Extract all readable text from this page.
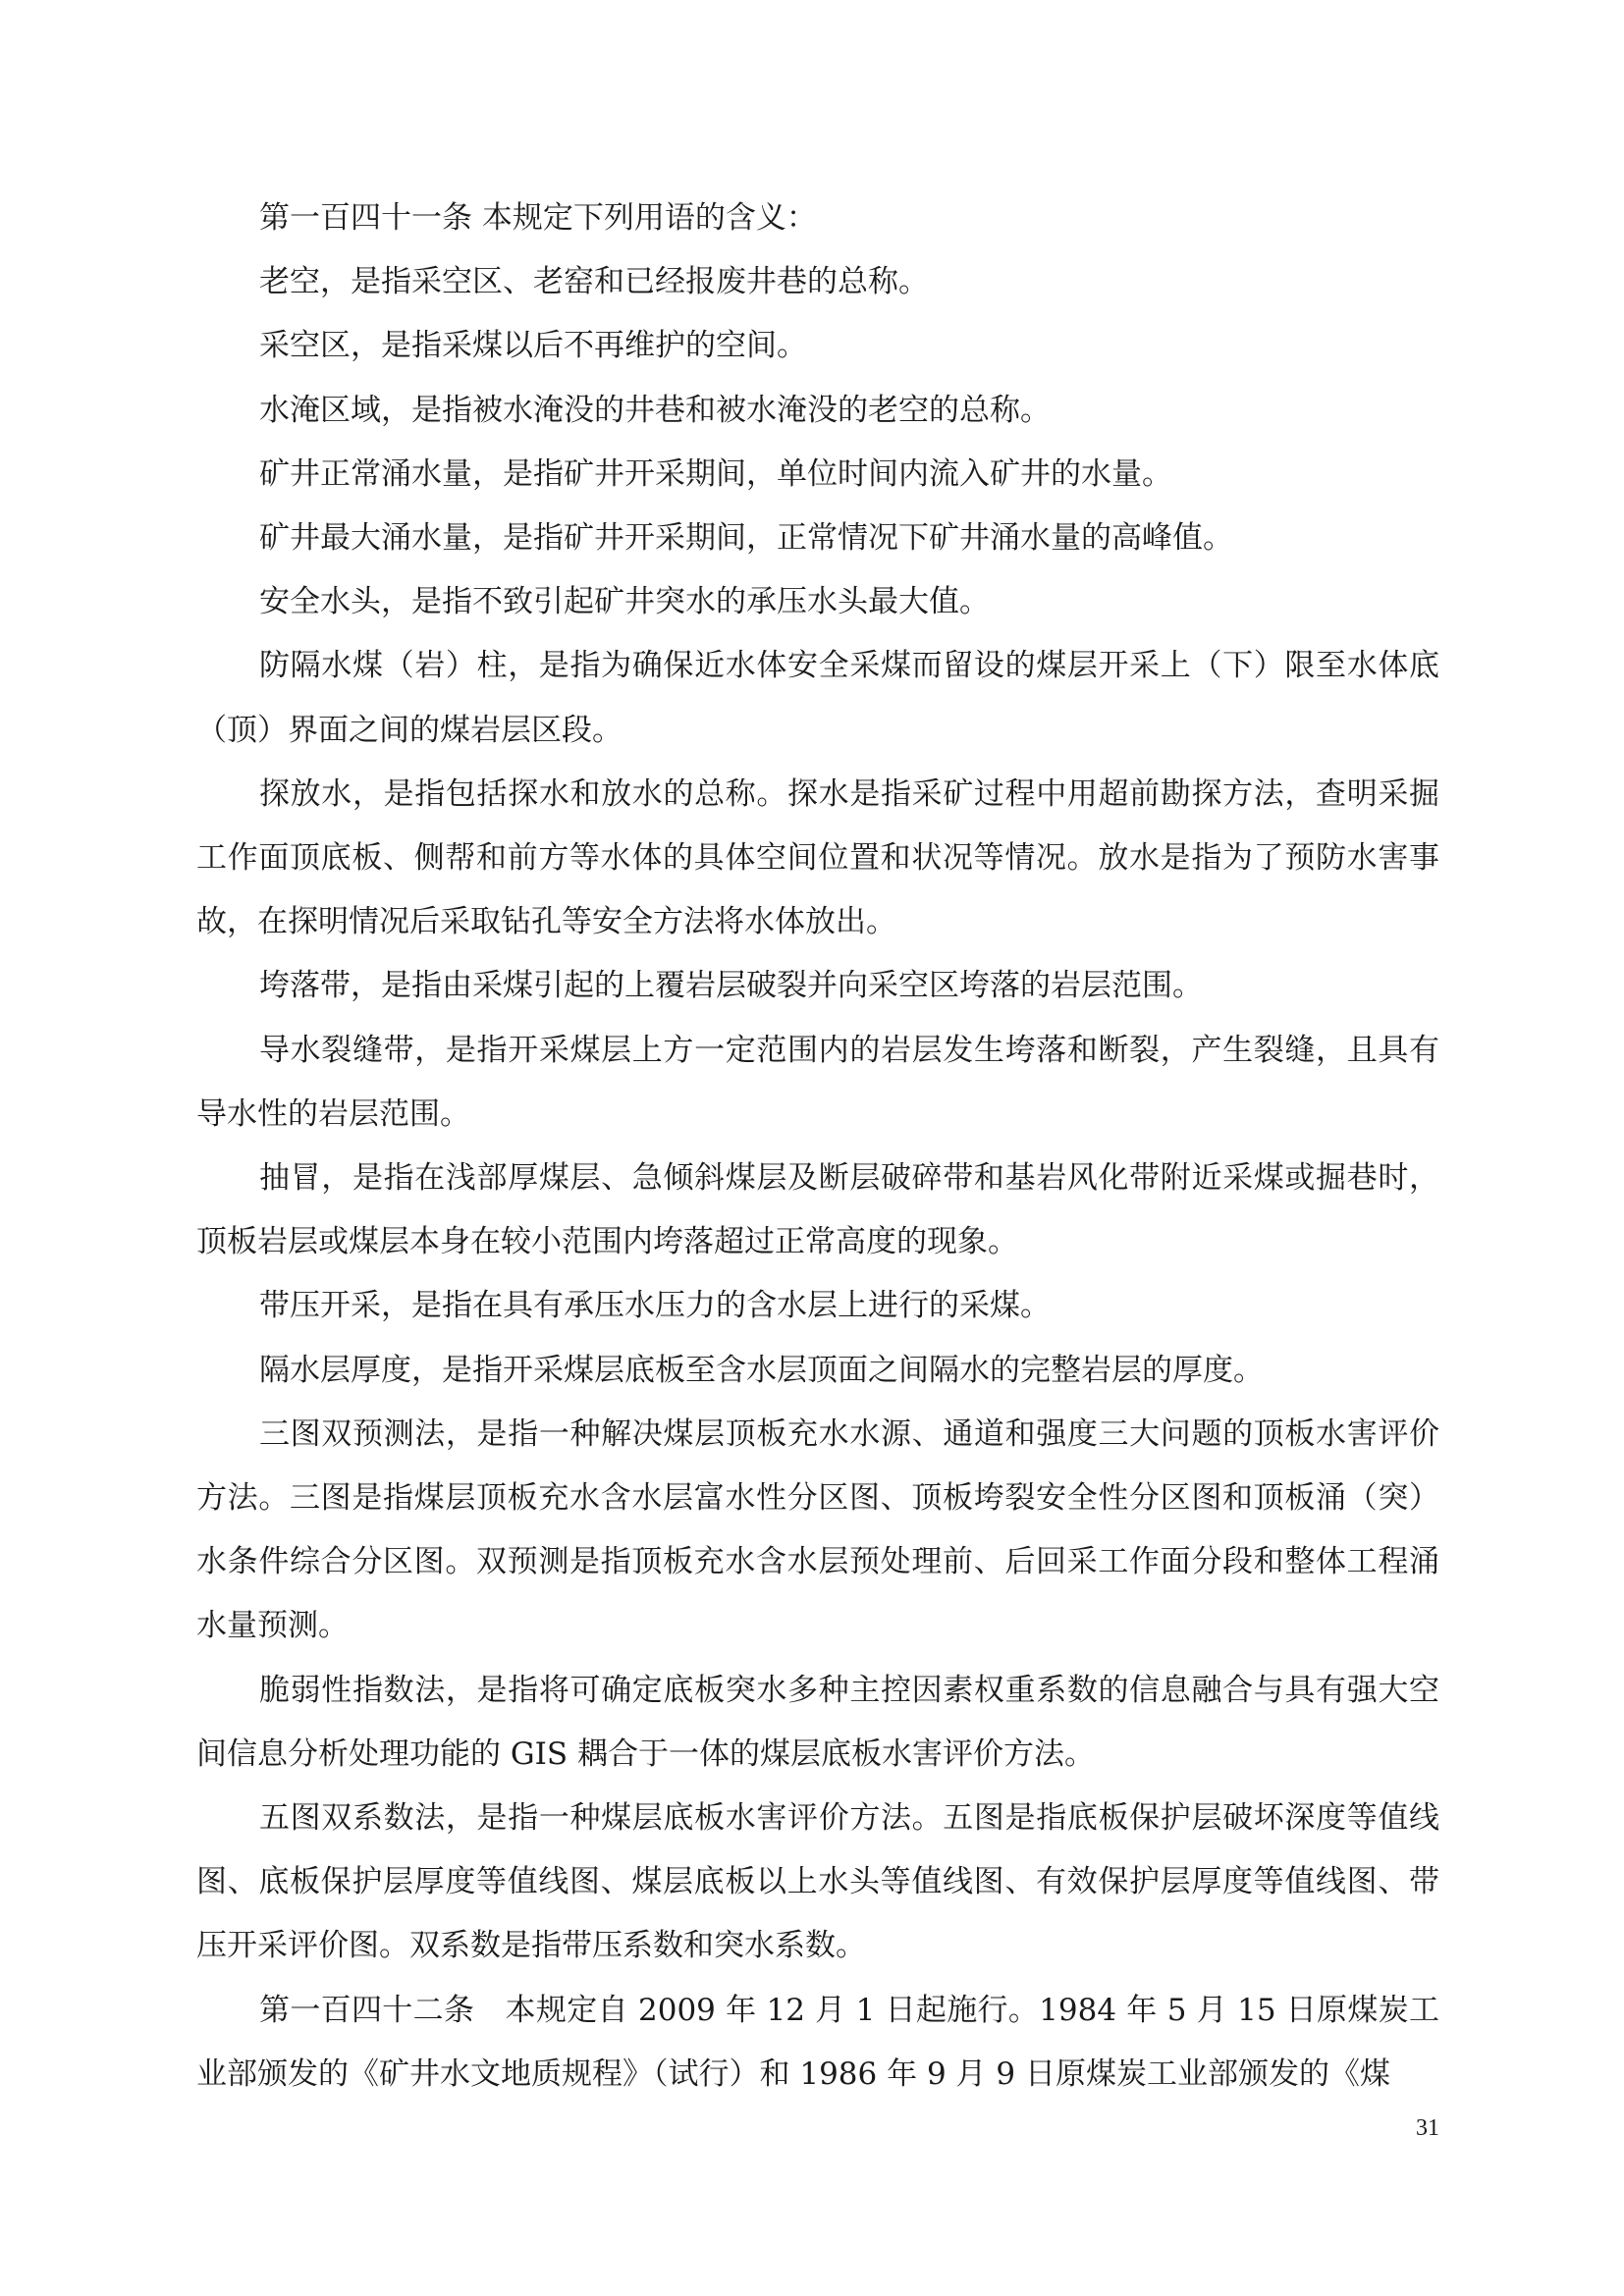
第一百四十一条 本规定下列用语的含义：

老空，是指采空区、老窑和已经报废井巷的总称。

采空区，是指采煤以后不再维护的空间。

水淹区域，是指被水淹没的井巷和被水淹没的老空的总称。

矿井正常涌水量，是指矿井开采期间，单位时间内流入矿井的水量。

矿井最大涌水量，是指矿井开采期间，正常情况下矿井涌水量的高峰值。

安全水头，是指不致引起矿井突水的承压水头最大值。

防隔水煤（岩）柱，是指为确保近水体安全采煤而留设的煤层开采上（下）限至水体底（顶）界面之间的煤岩层区段。

探放水，是指包括探水和放水的总称。探水是指采矿过程中用超前勘探方法，查明采掘工作面顶底板、侧帮和前方等水体的具体空间位置和状况等情况。放水是指为了预防水害事故，在探明情况后采取钻孔等安全方法将水体放出。

垮落带，是指由采煤引起的上覆岩层破裂并向采空区垮落的岩层范围。

导水裂缝带，是指开采煤层上方一定范围内的岩层发生垮落和断裂，产生裂缝，且具有导水性的岩层范围。

抽冒，是指在浅部厚煤层、急倾斜煤层及断层破碎带和基岩风化带附近采煤或掘巷时，顶板岩层或煤层本身在较小范围内垮落超过正常高度的现象。

带压开采，是指在具有承压水压力的含水层上进行的采煤。

隔水层厚度，是指开采煤层底板至含水层顶面之间隔水的完整岩层的厚度。

三图双预测法，是指一种解决煤层顶板充水水源、通道和强度三大问题的顶板水害评价方法。三图是指煤层顶板充水含水层富水性分区图、顶板垮裂安全性分区图和顶板涌（突）水条件综合分区图。双预测是指顶板充水含水层预处理前、后回采工作面分段和整体工程涌水量预测。

脆弱性指数法，是指将可确定底板突水多种主控因素权重系数的信息融合与具有强大空间信息分析处理功能的 GIS 耦合于一体的煤层底板水害评价方法。

五图双系数法，是指一种煤层底板水害评价方法。五图是指底板保护层破坏深度等值线图、底板保护层厚度等值线图、煤层底板以上水头等值线图、有效保护层厚度等值线图、带压开采评价图。双系数是指带压系数和突水系数。

第一百四十二条　本规定自 2009 年 12 月 1 日起施行。1984 年 5 月 15 日原煤炭工业部颁发的《矿井水文地质规程》（试行）和 1986 年 9 月 9 日原煤炭工业部颁发的《煤

31
